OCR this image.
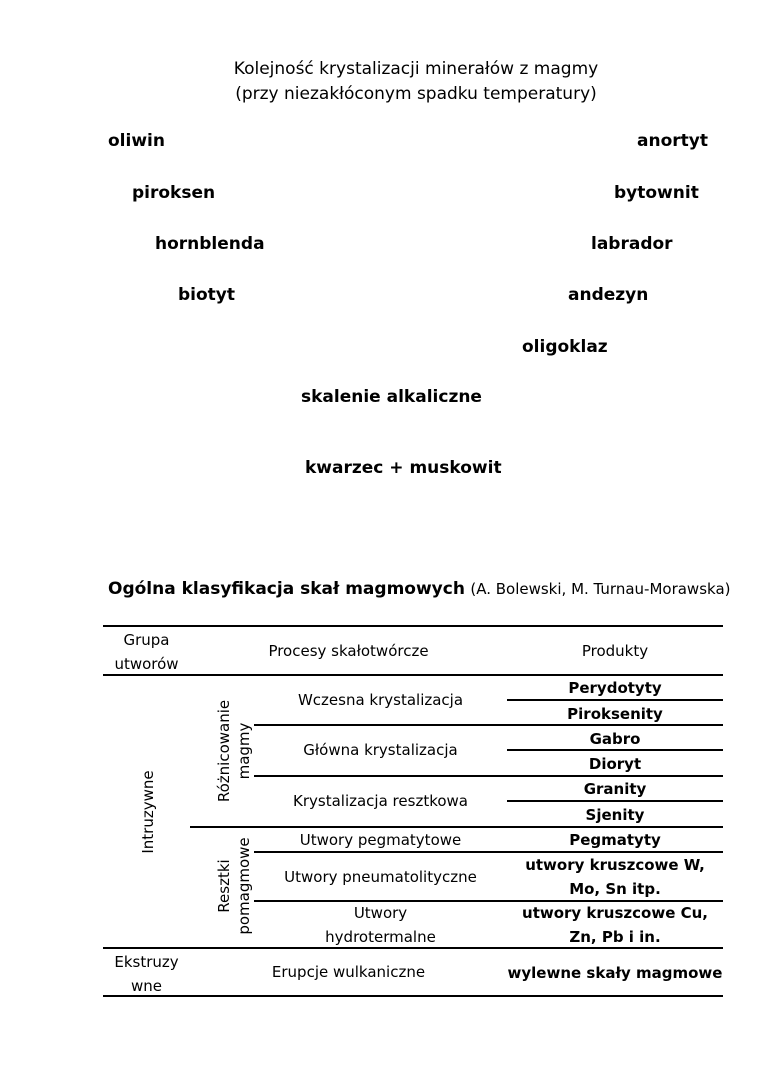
Kolejność krystalizacji minerałów z magmy
(przy niezakłóconym spadku temperatury)
oliwin
piroksen
hornblenda
biotyt
anortyt
bytownit
labrador
andezyn
oligoklaz
skalenie alkaliczne
kwarzec + muskowit
Ogólna klasyfikacja skał magmowych (A. Bolewski, M. Turnau-Morawska)
Grupa
utworów
Procesy skałotwórcze	Produkty
Intruzywne
Różnicowanie magmy
Resztki pomagmowe
Wczesna krystalizacja
Główna krystalizacja
Krystalizacja resztkowa
Perydotyty
Piroksenity
Gabro
Dioryt
Granity
Sjenity
Utwory pegmatytowe
Utwory pneumatolityczne
Utwory
hydrotermalne
Pegmatyty
utwory kruszcowe W,
Mo, Sn itp.
utwory kruszcowe Cu,
Zn, Pb i in.
Ekstruzy
wne
Erupcje wulkaniczne	wylewne skały magmowe
